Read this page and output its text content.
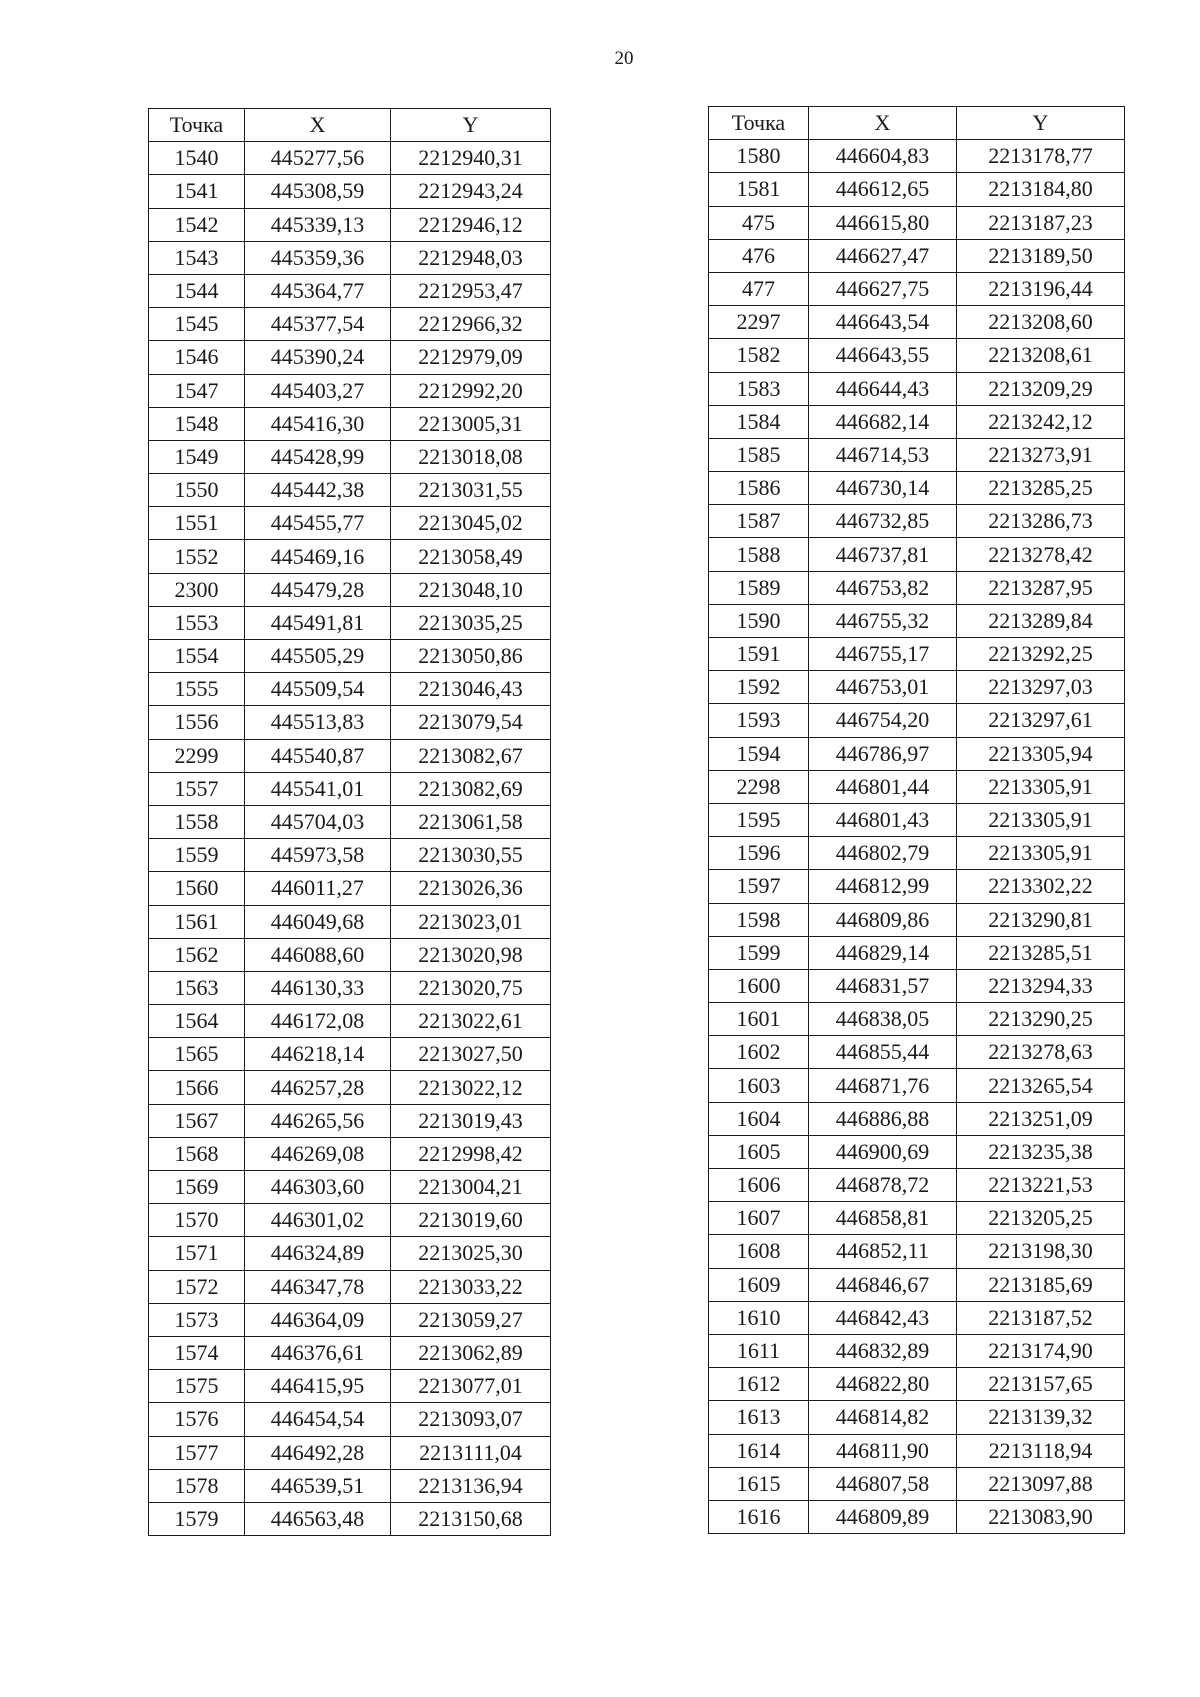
20
Точка	X	Y
1540	445277,56	2212940,31
1541	445308,59	2212943,24
1542	445339,13	2212946,12
1543	445359,36	2212948,03
1544	445364,77	2212953,47
1545	445377,54	2212966,32
1546	445390,24	2212979,09
1547	445403,27	2212992,20
1548	445416,30	2213005,31
1549	445428,99	2213018,08
1550	445442,38	2213031,55
1551	445455,77	2213045,02
1552	445469,16	2213058,49
2300	445479,28	2213048,10
1553	445491,81	2213035,25
1554	445505,29	2213050,86
1555	445509,54	2213046,43
1556	445513,83	2213079,54
2299	445540,87	2213082,67
1557	445541,01	2213082,69
1558	445704,03	2213061,58
1559	445973,58	2213030,55
1560	446011,27	2213026,36
1561	446049,68	2213023,01
1562	446088,60	2213020,98
1563	446130,33	2213020,75
1564	446172,08	2213022,61
1565	446218,14	2213027,50
1566	446257,28	2213022,12
1567	446265,56	2213019,43
1568	446269,08	2212998,42
1569	446303,60	2213004,21
1570	446301,02	2213019,60
1571	446324,89	2213025,30
1572	446347,78	2213033,22
1573	446364,09	2213059,27
1574	446376,61	2213062,89
1575	446415,95	2213077,01
1576	446454,54	2213093,07
1577	446492,28	2213111,04
1578	446539,51	2213136,94
1579	446563,48	2213150,68
Точка	X	Y
1580	446604,83	2213178,77
1581	446612,65	2213184,80
475	446615,80	2213187,23
476	446627,47	2213189,50
477	446627,75	2213196,44
2297	446643,54	2213208,60
1582	446643,55	2213208,61
1583	446644,43	2213209,29
1584	446682,14	2213242,12
1585	446714,53	2213273,91
1586	446730,14	2213285,25
1587	446732,85	2213286,73
1588	446737,81	2213278,42
1589	446753,82	2213287,95
1590	446755,32	2213289,84
1591	446755,17	2213292,25
1592	446753,01	2213297,03
1593	446754,20	2213297,61
1594	446786,97	2213305,94
2298	446801,44	2213305,91
1595	446801,43	2213305,91
1596	446802,79	2213305,91
1597	446812,99	2213302,22
1598	446809,86	2213290,81
1599	446829,14	2213285,51
1600	446831,57	2213294,33
1601	446838,05	2213290,25
1602	446855,44	2213278,63
1603	446871,76	2213265,54
1604	446886,88	2213251,09
1605	446900,69	2213235,38
1606	446878,72	2213221,53
1607	446858,81	2213205,25
1608	446852,11	2213198,30
1609	446846,67	2213185,69
1610	446842,43	2213187,52
1611	446832,89	2213174,90
1612	446822,80	2213157,65
1613	446814,82	2213139,32
1614	446811,90	2213118,94
1615	446807,58	2213097,88
1616	446809,89	2213083,90
